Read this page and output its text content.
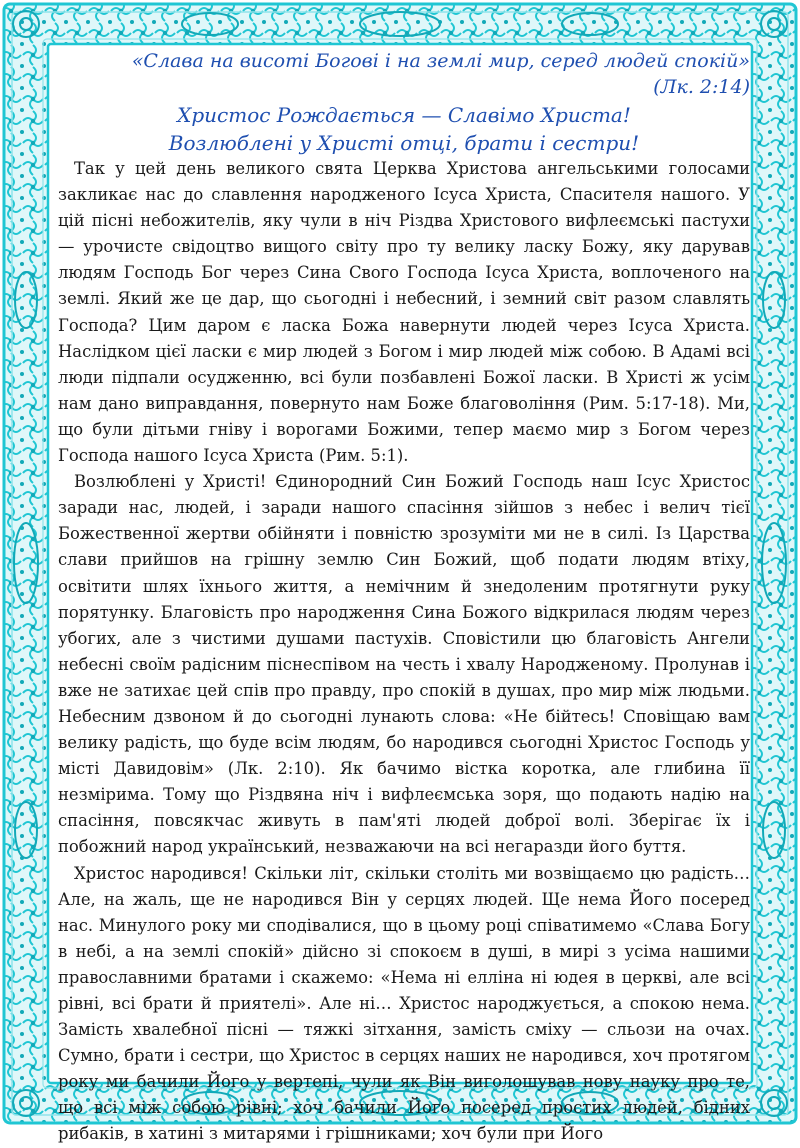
«Слава на висоті Богові і на землі мир, серед людей спокій»

(Лк. 2:14)

Христос Рождається — Славімо Христа!

Возлюблені у Христі отці, брати і сестри!

Так у цей день великого свята Церква Христова ангельськими голосами закликає нас до славлення народженого Ісуса Христа, Спасителя нашого. У цій пісні небожителів, яку чули в ніч Різдва Христового вифлеємські пастухи — урочисте свідоцтво вищого світу про ту велику ласку Божу, яку дарував людям Господь Бог через Сина Свого Господа Ісуса Христа, воплоченого на землі. Який же це дар, що сьогодні і небесний, і земний світ разом славлять Господа? Цим даром є ласка Божа навернути людей через Ісуса Христа. Наслідком цієї ласки є мир людей з Богом і мир людей між собою. В Адамі всі люди підпали осудженню, всі були позбавлені Божої ласки. В Христі ж усім нам дано виправдання, повернуто нам Боже благовоління (Рим. 5:17-18). Ми, що були дітьми гніву і ворогами Божими, тепер маємо мир з Богом через Господа нашого Ісуса Христа (Рим. 5:1).

Возлюблені у Христі! Єдинородний Син Божий Господь наш Ісус Христос заради нас, людей, і заради нашого спасіння зійшов з небес і велич тієї Божественної жертви обійняти і повністю зрозуміти ми не в силі. Із Царства слави прийшов на грішну землю Син Божий, щоб подати людям втіху, освітити шлях їхнього життя, а немічним й знедоленим протягнути руку порятунку. Благовість про народження Сина Божого відкрилася людям через убогих, але з чистими душами пастухів. Сповістили цю благовість Ангели небесні своїм радісним піснеспівом на честь і хвалу Народженому. Пролунав і вже не затихає цей спів про правду, про спокій в душах, про мир між людьми. Небесним дзвоном й до сьогодні лунають слова: «Не бійтесь! Сповіщаю вам велику радість, що буде всім людям, бо народився сьогодні Христос Господь у місті Давидовім» (Лк. 2:10). Як бачимо вістка коротка, але глибина її незмірима. Тому що Різдвяна ніч і вифлеємська зоря, що подають надію на спасіння, повсякчас живуть в пам'яті людей доброї волі. Зберігає їх і побожний народ український, незважаючи на всі негаразди його буття.

Христос народився! Скільки літ, скільки століть ми возвіщаємо цю радість… Але, на жаль, ще не народився Він у серцях людей. Ще нема Його посеред нас. Минулого року ми сподівалися, що в цьому році співатимемо «Слава Богу в небі, а на землі спокій» дійсно зі спокоєм в душі, в мирі з усіма нашими православними братами і скажемо: «Нема ні елліна ні юдея в церкві, але всі рівні, всі брати й приятелі». Але ні… Христос народжується, а спокою нема. Замість хвалебної пісні — тяжкі зітхання, замість сміху — сльози на очах. Сумно, брати і сестри, що Христос в серцях наших не народився, хоч протягом року ми бачили Його у вертепі, чули як Він виголошував нову науку про те, що всі між собою рівні; хоч бачили Його посеред простих людей, бідних рибаків, в хатині з митарями і грішниками; хоч були при Його
